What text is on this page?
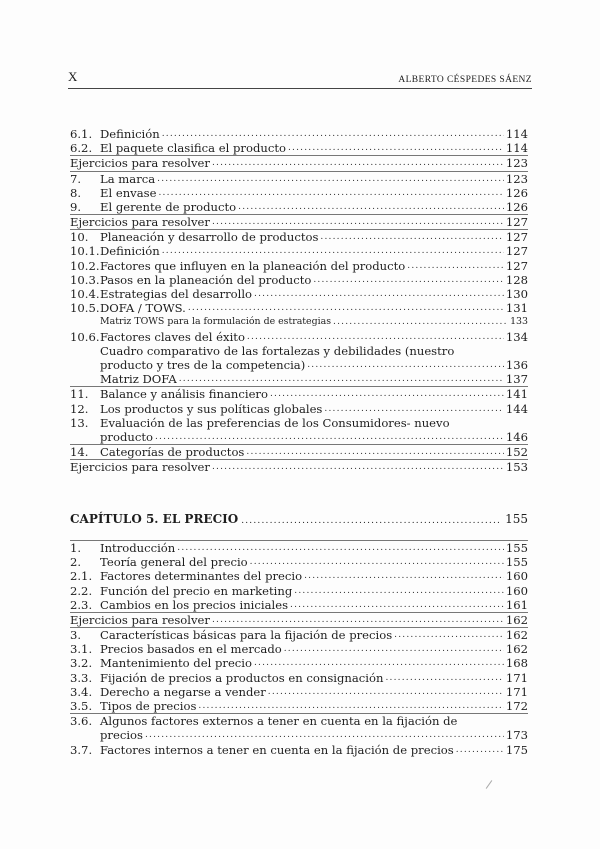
X	ALBERTO CÉSPEDES SÁENZ
6.1. Definición .....	114
6.2. El paquete clasifica el producto .....	114
Ejercicios para resolver .....	123
7.	La marca .....	123
8.	El envase .....	126
9.	El gerente de producto .....	126
Ejercicios para resolver .....	127
10. Planeación y desarrollo de productos .....	127
10.1. Definición .....	127
10.2. Factores que influyen en la planeación del producto .....	127
10.3. Pasos en la planeación del producto .....	128
10.4. Estrategias del desarrollo .....	130
10.5. DOFA / TOWS. .....	131
Matriz TOWS para la formulación de estrategias .....	133
10.6. Factores claves del éxito .....	134
Cuadro comparativo de las fortalezas y debilidades (nuestro
producto y tres de la competencia) .....	136
Matriz DOFA .....	137
11. Balance y análisis financiero .....	141
12. Los productos y sus políticas globales .....	144
13. Evaluación de las preferencias de los Consumidores- nuevo
producto .....	146
14. Categorías de productos .....	152
Ejercicios para resolver .....	153
CAPÍTULO 5. EL PRECIO .....	155
1.	Introducción .....	155
2.	Teoría general del precio .....	155
2.1. Factores determinantes del precio .....	160
2.2. Función del precio en marketing .....	160
2.3. Cambios en los precios iniciales .....	161
Ejercicios para resolver .....	162
3.	Características básicas para la fijación de precios .....	162
3.1. Precios basados en el mercado .....	162
3.2. Mantenimiento del precio .....	168
3.3. Fijación de precios a productos en consignación .....	171
3.4. Derecho a negarse a vender .....	171
3.5. Tipos de precios .....	172
3.6. Algunos factores externos a tener en cuenta en la fijación de
precios .....	173
3.7. Factores internos a tener en cuenta en la fijación de precios .....	175
